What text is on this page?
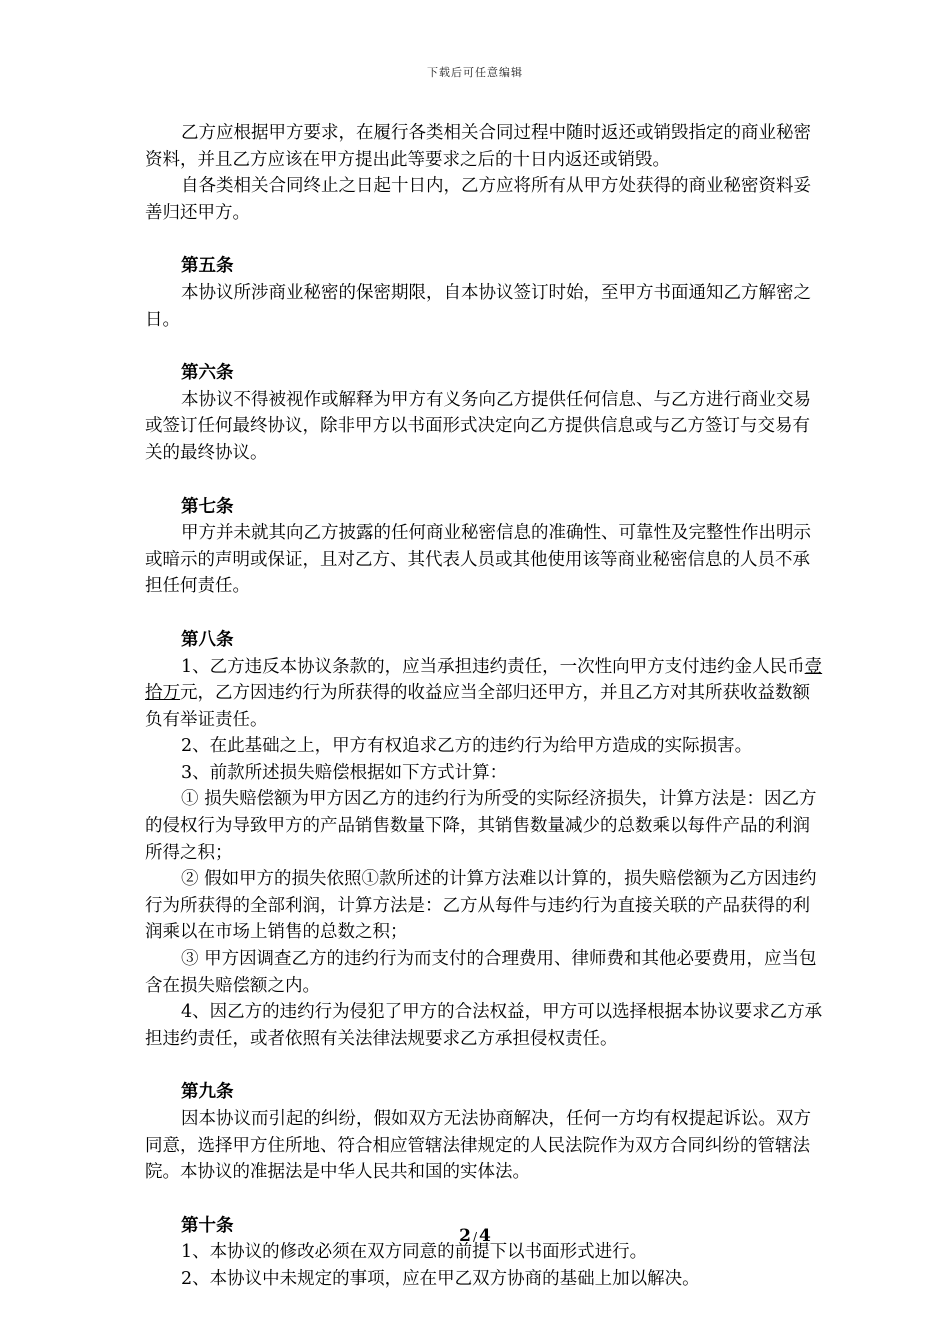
下载后可任意编辑

乙方应根据甲方要求，在履行各类相关合同过程中随时返还或销毁指定的商业秘密资料，并且乙方应该在甲方提出此等要求之后的十日内返还或销毁。

自各类相关合同终止之日起十日内，乙方应将所有从甲方处获得的商业秘密资料妥善归还甲方。

第五条

本协议所涉商业秘密的保密期限，自本协议签订时始，至甲方书面通知乙方解密之日。

第六条

本协议不得被视作或解释为甲方有义务向乙方提供任何信息、与乙方进行商业交易或签订任何最终协议，除非甲方以书面形式决定向乙方提供信息或与乙方签订与交易有关的最终协议。

第七条

甲方并未就其向乙方披露的任何商业秘密信息的准确性、可靠性及完整性作出明示或暗示的声明或保证，且对乙方、其代表人员或其他使用该等商业秘密信息的人员不承担任何责任。

第八条

1、乙方违反本协议条款的，应当承担违约责任，一次性向甲方支付违约金人民币壹拾万元，乙方因违约行为所获得的收益应当全部归还甲方，并且乙方对其所获收益数额负有举证责任。

2、在此基础之上，甲方有权追求乙方的违约行为给甲方造成的实际损害。

3、前款所述损失赔偿根据如下方式计算：

① 损失赔偿额为甲方因乙方的违约行为所受的实际经济损失，计算方法是：因乙方的侵权行为导致甲方的产品销售数量下降，其销售数量减少的总数乘以每件产品的利润所得之积；

② 假如甲方的损失依照①款所述的计算方法难以计算的，损失赔偿额为乙方因违约行为所获得的全部利润，计算方法是：乙方从每件与违约行为直接关联的产品获得的利润乘以在市场上销售的总数之积；

③ 甲方因调查乙方的违约行为而支付的合理费用、律师费和其他必要费用，应当包含在损失赔偿额之内。

4、因乙方的违约行为侵犯了甲方的合法权益，甲方可以选择根据本协议要求乙方承担违约责任，或者依照有关法律法规要求乙方承担侵权责任。

第九条

因本协议而引起的纠纷，假如双方无法协商解决，任何一方均有权提起诉讼。双方同意，选择甲方住所地、符合相应管辖法律规定的人民法院作为双方合同纠纷的管辖法院。本协议的准据法是中华人民共和国的实体法。

第十条

1、本协议的修改必须在双方同意的前提下以书面形式进行。

2、本协议中未规定的事项，应在甲乙双方协商的基础上加以解决。

2 / 4
